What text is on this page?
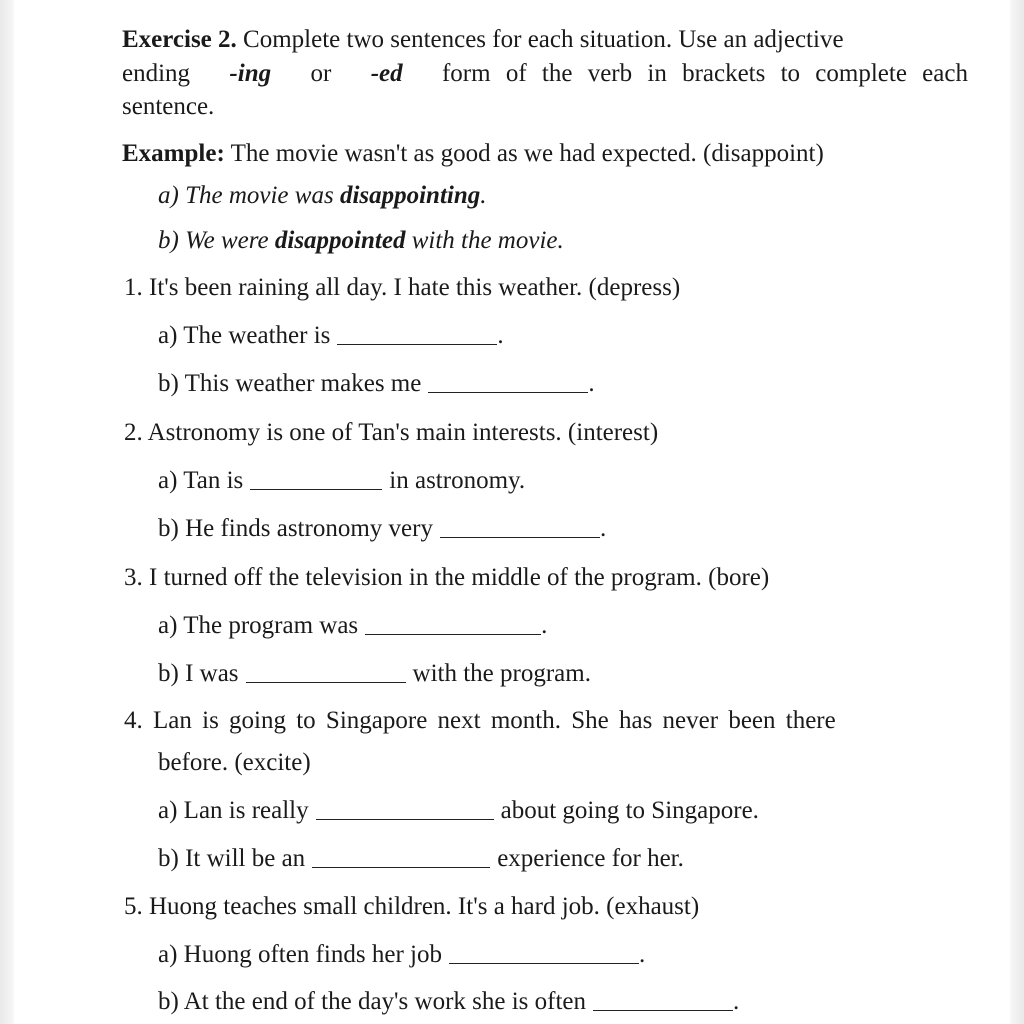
Exercise 2. Complete two sentences for each situation. Use an adjective
ending -ing or -ed form of the verb in brackets to complete each
sentence.
Example: The movie wasn't as good as we had expected. (disappoint)
a) The movie was disappointing.
b) We were disappointed with the movie.
1. It's been raining all day. I hate this weather. (depress)
a) The weather is	.
b) This weather makes me	.
2. Astronomy is one of Tan's main interests. (interest)
a) Tan is	in astronomy.
b) He finds astronomy very	.
3. I turned off the television in the middle of the program. (bore)
a) The program was	.
b) I was	with the program.
4. Lan is going to Singapore next month. She has never been there
before. (excite)
a) Lan is really	about going to Singapore.
b) It will be an	experience for her.
5. Huong teaches small children. It's a hard job. (exhaust)
a) Huong often finds her job	.
b) At the end of the day's work she is often	.
